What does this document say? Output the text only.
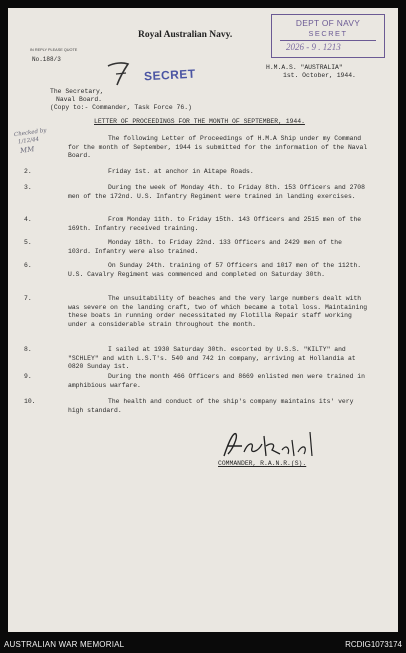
IN REPLY PLEASE QUOTE
No.188/3
Royal Australian Navy.
DEPT OF NAVY
SECRET
2026 - 9 . 1213
H.M.A.S. "AUSTRALIA"
1st. October, 1944.
SECRET
The Secretary,
Naval Board.
(Copy to:- Commander, Task Force 76.)
Checked by
1/12/44
MM
LETTER OF PROCEEDINGS FOR THE MONTH OF SEPTEMBER, 1944.

The following Letter of Proceedings of H.M.A Ship under my Command for the month of September, 1944 is submitted for the information of the Naval Board.

2.	Friday 1st. at anchor in Aitape Roads.

3.	During the week of Monday 4th. to Friday 8th. 153 Officers and 2708 men of the 172nd. U.S. Infantry Regiment were trained in landing exercises.

4.	From Monday 11th. to Friday 15th. 143 Officers and 2515 men of the 169th. Infantry received training.

5.	Monday 18th. to Friday 22nd. 133 Officers and 2429 men of the 103rd. Infantry were also trained.

6.	On Sunday 24th. training of 57 Officers and 1017 men of the 112th. U.S. Cavalry Regiment was commenced and completed on Saturday 30th.

7.	The unsuitability of beaches and the very large numbers dealt with was severe on the landing craft, two of which became a total loss. Maintaining these boats in running order necessitated my Flotilla Repair staff working under a considerable strain throughout the month.

8.	I sailed at 1930 Saturday 30th. escorted by U.S.S. "KILTY" and "SCHLEY" and with L.S.T's. 540 and 742 in company, arriving at Hollandia at 0820 Sunday 1st.

9.	During the month 466 Officers and 8669 enlisted men were trained in amphibious warfare.

10.	The health and conduct of the ship's company maintains its' very high standard.

COMMANDER, R.A.N.R.(S).
AUSTRALIAN WAR MEMORIAL	RCDIG1073174
